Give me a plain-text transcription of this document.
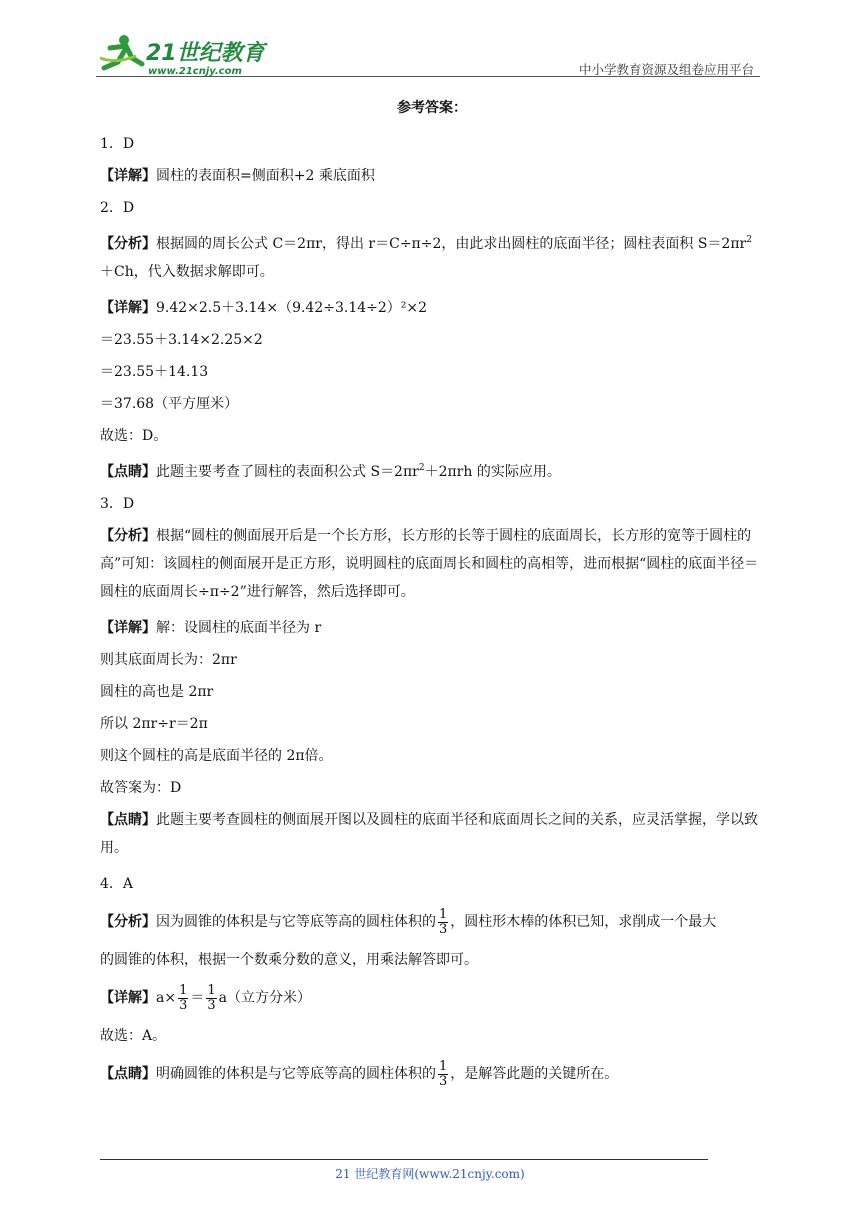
21世纪教育
www.21cnjy.com	中小学教育资源及组卷应用平台
参考答案：
1．D
【详解】圆柱的表面积=侧面积+2 乘底面积
2．D
【分析】根据圆的周长公式 C＝2πr，得出 r＝C÷π÷2，由此求出圆柱的底面半径；圆柱表面积 $S=2\pi r^2+Ch$，代入数据求解即可。
【详解】9.42×2.5＋3.14×（9.42÷3.14÷2）²×2
＝23.55＋3.14×2.25×2
＝23.55＋14.13
＝37.68（平方厘米）
故选：D。
【点睛】此题主要考查了圆柱的表面积公式 $S=2\pi r^2+2\pi rh$ 的实际应用。
3．D
【分析】根据“圆柱的侧面展开后是一个长方形，长方形的长等于圆柱的底面周长，长方形的宽等于圆柱的高”可知：该圆柱的侧面展开是正方形，说明圆柱的底面周长和圆柱的高相等，进而根据“圆柱的底面半径＝圆柱的底面周长÷π÷2”进行解答，然后选择即可。
【详解】解：设圆柱的底面半径为 r
则其底面周长为：2πr
圆柱的高也是 2πr
所以 2πr÷r＝2π
则这个圆柱的高是底面半径的 2π倍。
故答案为：D
【点睛】此题主要考查圆柱的侧面展开图以及圆柱的底面半径和底面周长之间的关系，应灵活掌握，学以致用。
4．A
【分析】 因为圆锥的体积是与它等底等高的圆柱体积的 $\frac{1}{3}$ ，圆柱形木棒的体积已知，求削成一个最大
的圆锥的体积，根据一个数乘分数的意义，用乘法解答即可。
【详解】 $a\times \frac{1}{3} = \frac{1}{3} a$（立方分米）
故选：A。
【点睛】 明确圆锥的体积是与它等底等高的圆柱体积的 $\frac{1}{3}$ ，是解答此题的关键所在。
21 世纪教育网(www.21cnjy.com)
